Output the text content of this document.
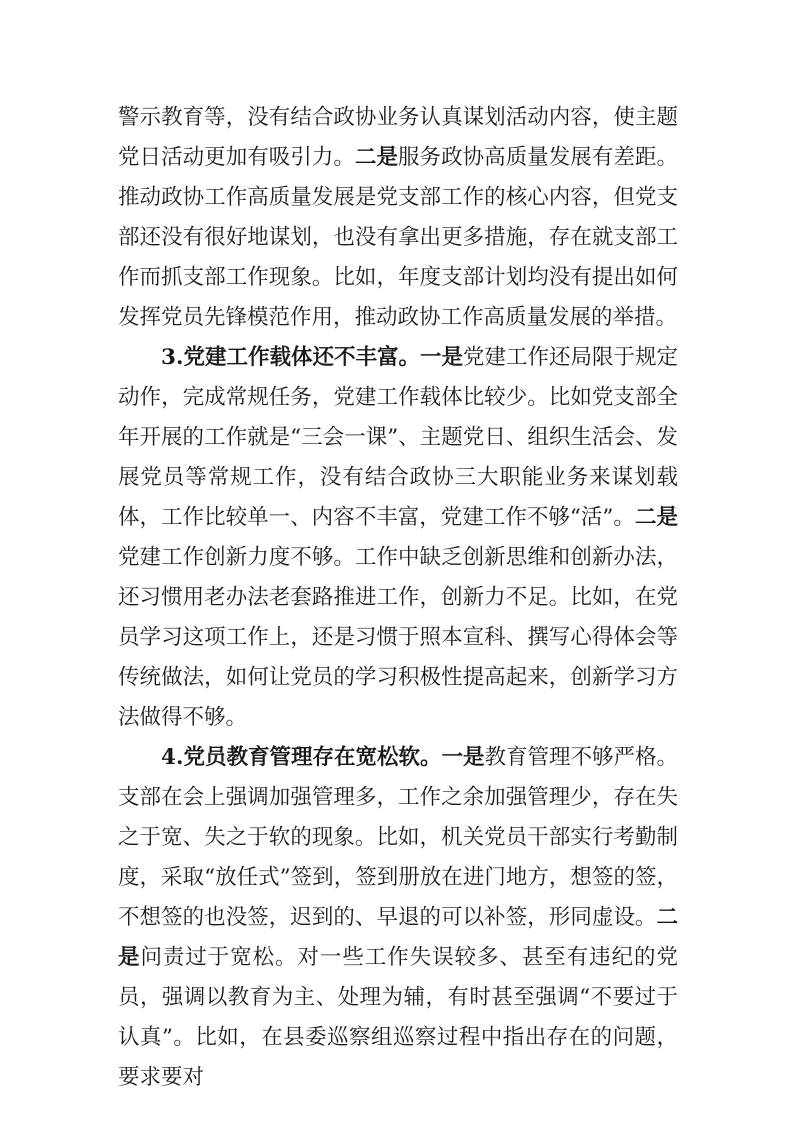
警示教育等，没有结合政协业务认真谋划活动内容，使主题党日活动更加有吸引力。二是服务政协高质量发展有差距。推动政协工作高质量发展是党支部工作的核心内容，但党支部还没有很好地谋划，也没有拿出更多措施，存在就支部工作而抓支部工作现象。比如，年度支部计划均没有提出如何发挥党员先锋模范作用，推动政协工作高质量发展的举措。

3.党建工作载体还不丰富。一是党建工作还局限于规定动作，完成常规任务，党建工作载体比较少。比如党支部全年开展的工作就是“三会一课”、主题党日、组织生活会、发展党员等常规工作，没有结合政协三大职能业务来谋划载体，工作比较单一、内容不丰富，党建工作不够“活”。二是党建工作创新力度不够。工作中缺乏创新思维和创新办法，还习惯用老办法老套路推进工作，创新力不足。比如，在党员学习这项工作上，还是习惯于照本宣科、撰写心得体会等传统做法，如何让党员的学习积极性提高起来，创新学习方法做得不够。

4.党员教育管理存在宽松软。一是教育管理不够严格。支部在会上强调加强管理多，工作之余加强管理少，存在失之于宽、失之于软的现象。比如，机关党员干部实行考勤制度，采取“放任式”签到，签到册放在进门地方，想签的签，不想签的也没签，迟到的、早退的可以补签，形同虚设。二是问责过于宽松。对一些工作失误较多、甚至有违纪的党员，强调以教育为主、处理为辅，有时甚至强调“不要过于认真”。比如，在县委巡察组巡察过程中指出存在的问题，要求要对
